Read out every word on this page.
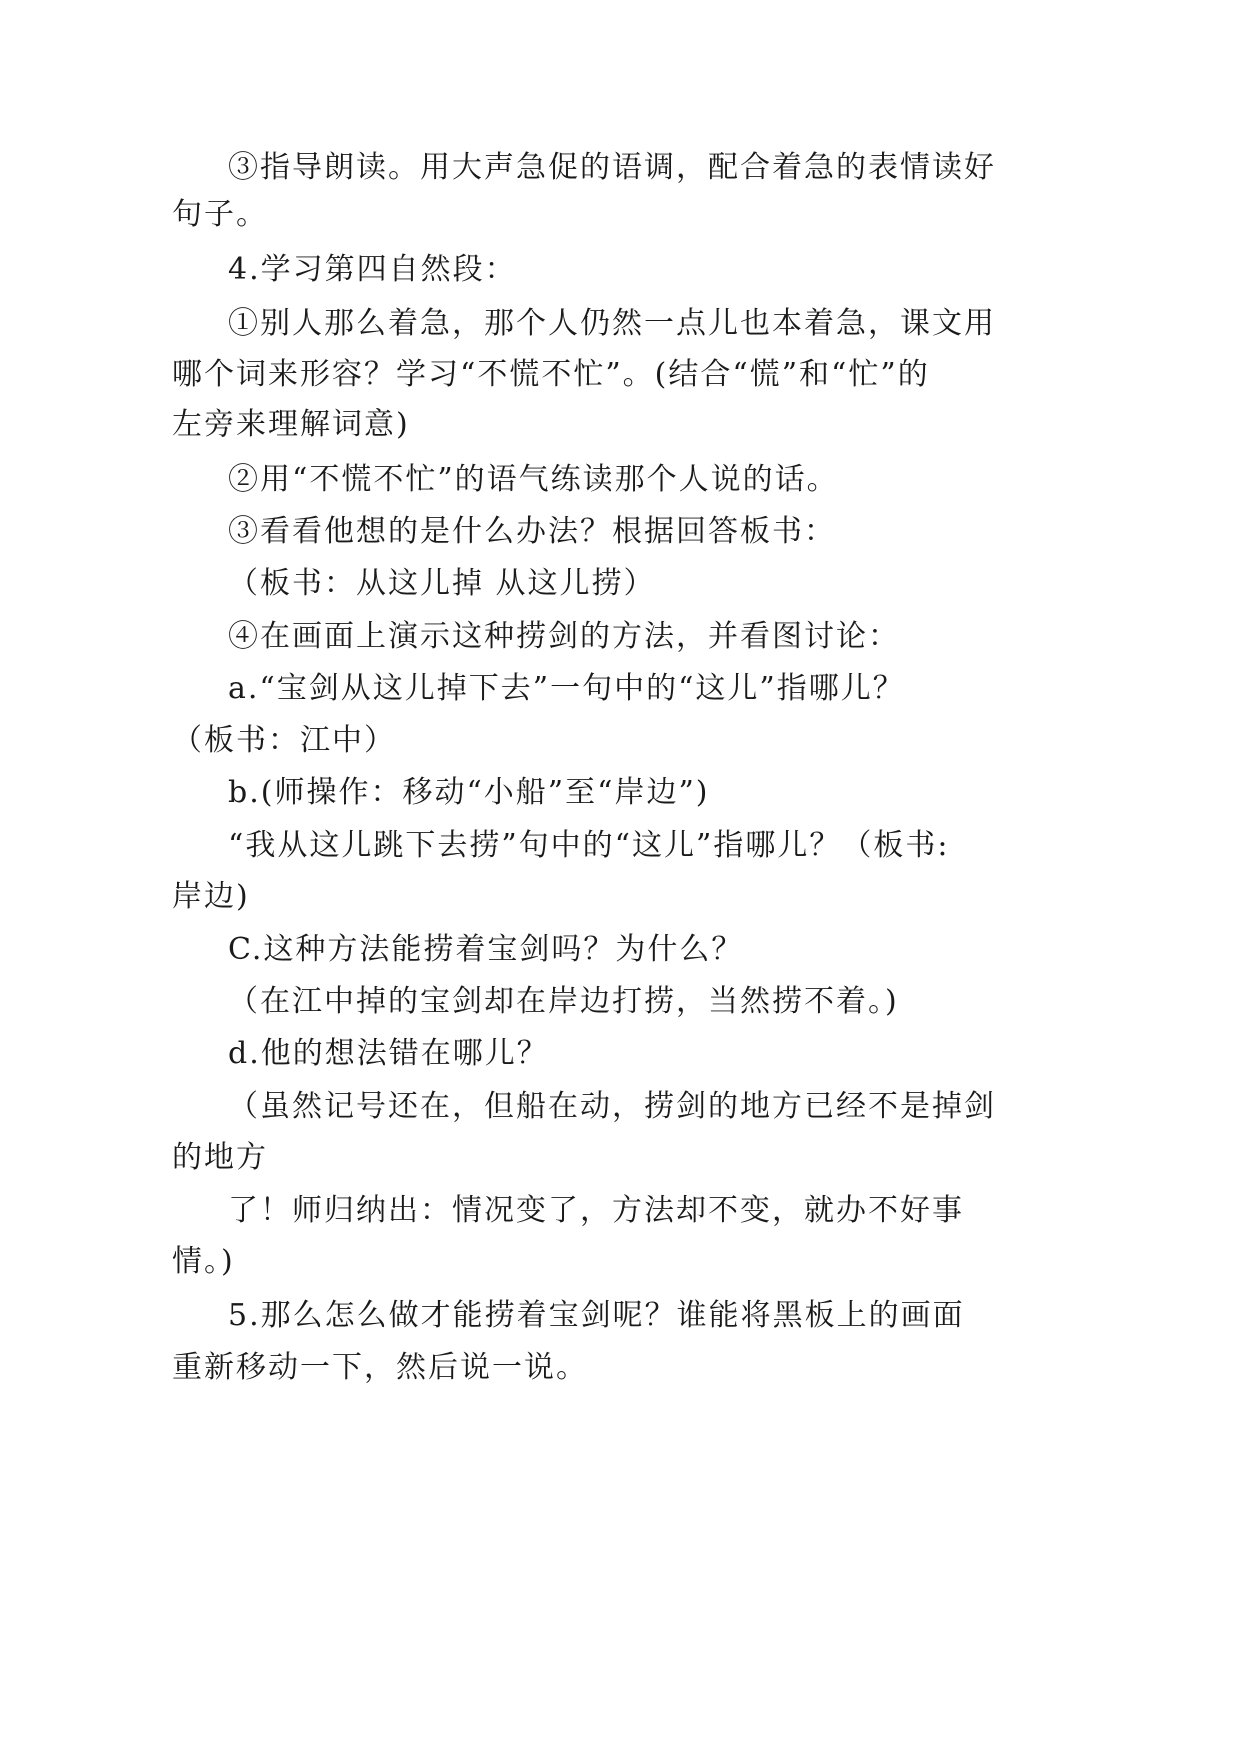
③指导朗读。用大声急促的语调，配合着急的表情读好
句子。
4.学习第四自然段：
①别人那么着急，那个人仍然一点儿也本着急，课文用
哪个词来形容？学习“不慌不忙”。(结合“慌”和“忙”的
左旁来理解词意)
②用“不慌不忙”的语气练读那个人说的话。
③看看他想的是什么办法？根据回答板书：
（板书：从这儿掉 从这儿捞）
④在画面上演示这种捞剑的方法，并看图讨论：
a.“宝剑从这儿掉下去”一句中的“这儿”指哪儿？
（板书：江中）
b.(师操作：移动“小船”至“岸边”)
“我从这儿跳下去捞”句中的“这儿”指哪儿？（板书:
岸边)
C.这种方法能捞着宝剑吗？为什么？
（在江中掉的宝剑却在岸边打捞，当然捞不着。)
d.他的想法错在哪儿？
（虽然记号还在，但船在动，捞剑的地方已经不是掉剑
的地方
了！师归纳出：情况变了，方法却不变，就办不好事
情。)
5.那么怎么做才能捞着宝剑呢？谁能将黑板上的画面
重新移动一下，然后说一说。
